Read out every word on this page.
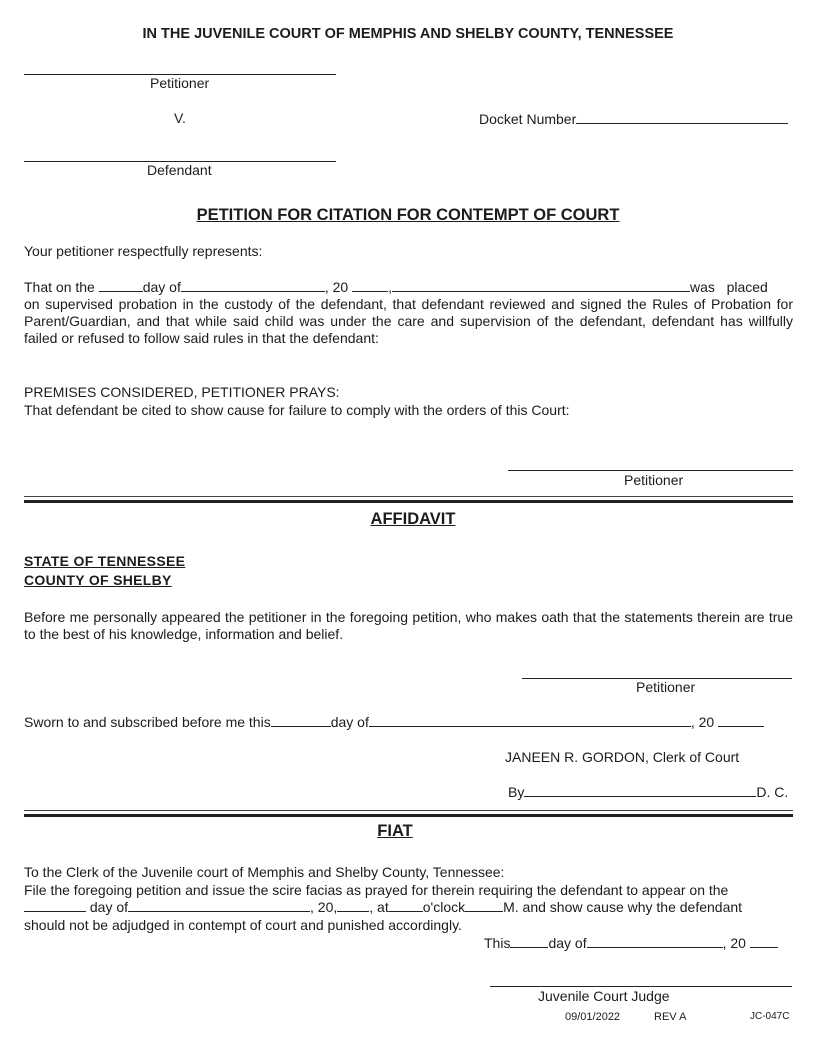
IN THE JUVENILE COURT OF MEMPHIS AND SHELBY COUNTY, TENNESSEE
Petitioner
V.	Docket Number
Defendant
PETITION FOR CITATION FOR CONTEMPT OF COURT
Your petitioner respectfully represents:
That on the	day of	, 20	,	was   placed
on supervised probation in the custody of the defendant, that defendant reviewed and signed the Rules of Probation for Parent/Guardian, and that while said child was under the care and supervision of the defendant, defendant has willfully failed or refused to follow said rules in that the defendant:
PREMISES CONSIDERED, PETITIONER PRAYS:
That defendant be cited to show cause for failure to comply with the orders of this Court:
Petitioner
AFFIDAVIT
STATE OF TENNESSEE
COUNTY OF SHELBY
Before me personally appeared the petitioner in the foregoing petition, who makes oath that the statements therein are true to the best of his knowledge, information and belief.
Petitioner
Sworn to and subscribed before me this	day of	, 20
JANEEN R. GORDON, Clerk of Court
By	D. C.
FIAT
To the Clerk of the Juvenile court of Memphis and Shelby County, Tennessee:
File the foregoing petition and issue the scire facias as prayed for therein requiring the defendant to appear on the
day of	, 20, , at o'clock	M. and show cause why the defendant
should not be adjudged in contempt of court and punished accordingly.
This	day of	, 20
Juvenile Court Judge
09/01/2022	REV A	JC-047C
